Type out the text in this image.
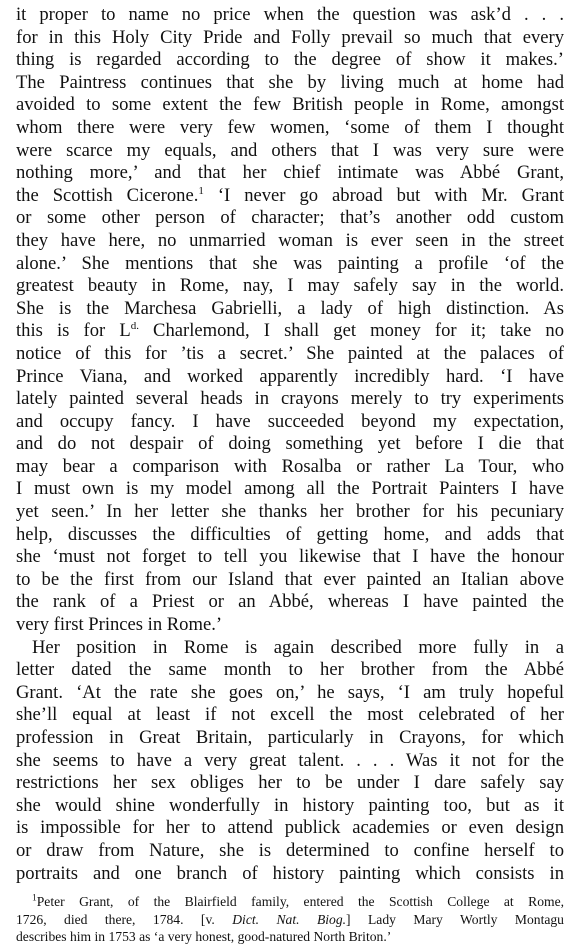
it proper to name no price when the question was ask’d . . .
for in this Holy City Pride and Folly prevail so much that every
thing is regarded according to the degree of show it makes.’
The Paintress continues that she by living much at home had
avoided to some extent the few British people in Rome, amongst
whom there were very few women, ‘some of them I thought
were scarce my equals, and others that I was very sure were
nothing more,’ and that her chief intimate was Abbé Grant,
the Scottish Cicerone.$^1$ ‘I never go abroad but with Mr. Grant
or some other person of character; that’s another odd custom
they have here, no unmarried woman is ever seen in the street
alone.’ She mentions that she was painting a profile ‘of the
greatest beauty in Rome, nay, I may safely say in the world.
She is the Marchesa Gabrielli, a lady of high distinction. As
this is for L$^{d.}$ Charlemond, I shall get money for it; take no
notice of this for ’tis a secret.’ She painted at the palaces of
Prince Viana, and worked apparently incredibly hard. ‘I have
lately painted several heads in crayons merely to try experiments
and occupy fancy. I have succeeded beyond my expectation,
and do not despair of doing something yet before I die that
may bear a comparison with Rosalba or rather La Tour, who
I must own is my model among all the Portrait Painters I have
yet seen.’ In her letter she thanks her brother for his pecuniary
help, discusses the difficulties of getting home, and adds that
she ‘must not forget to tell you likewise that I have the honour
to be the first from our Island that ever painted an Italian above
the rank of a Priest or an Abbé, whereas I have painted the
very first Princes in Rome.’
Her position in Rome is again described more fully in a
letter dated the same month to her brother from the Abbé
Grant. ‘At the rate she goes on,’ he says, ‘I am truly hopeful
she’ll equal at least if not excell the most celebrated of her
profession in Great Britain, particularly in Crayons, for which
she seems to have a very great talent. . . . Was it not for the
restrictions her sex obliges her to be under I dare safely say
she would shine wonderfully in history painting too, but as it
is impossible for her to attend publick academies or even design
or draw from Nature, she is determined to confine herself to
portraits and one branch of history painting which consists in
$^1$Peter Grant, of the Blairfield family, entered the Scottish College at Rome,
1726, died there, 1784. [v. Dict. Nat. Biog.] Lady Mary Wortly Montagu
describes him in 1753 as ‘a very honest, good-natured North Briton.’
